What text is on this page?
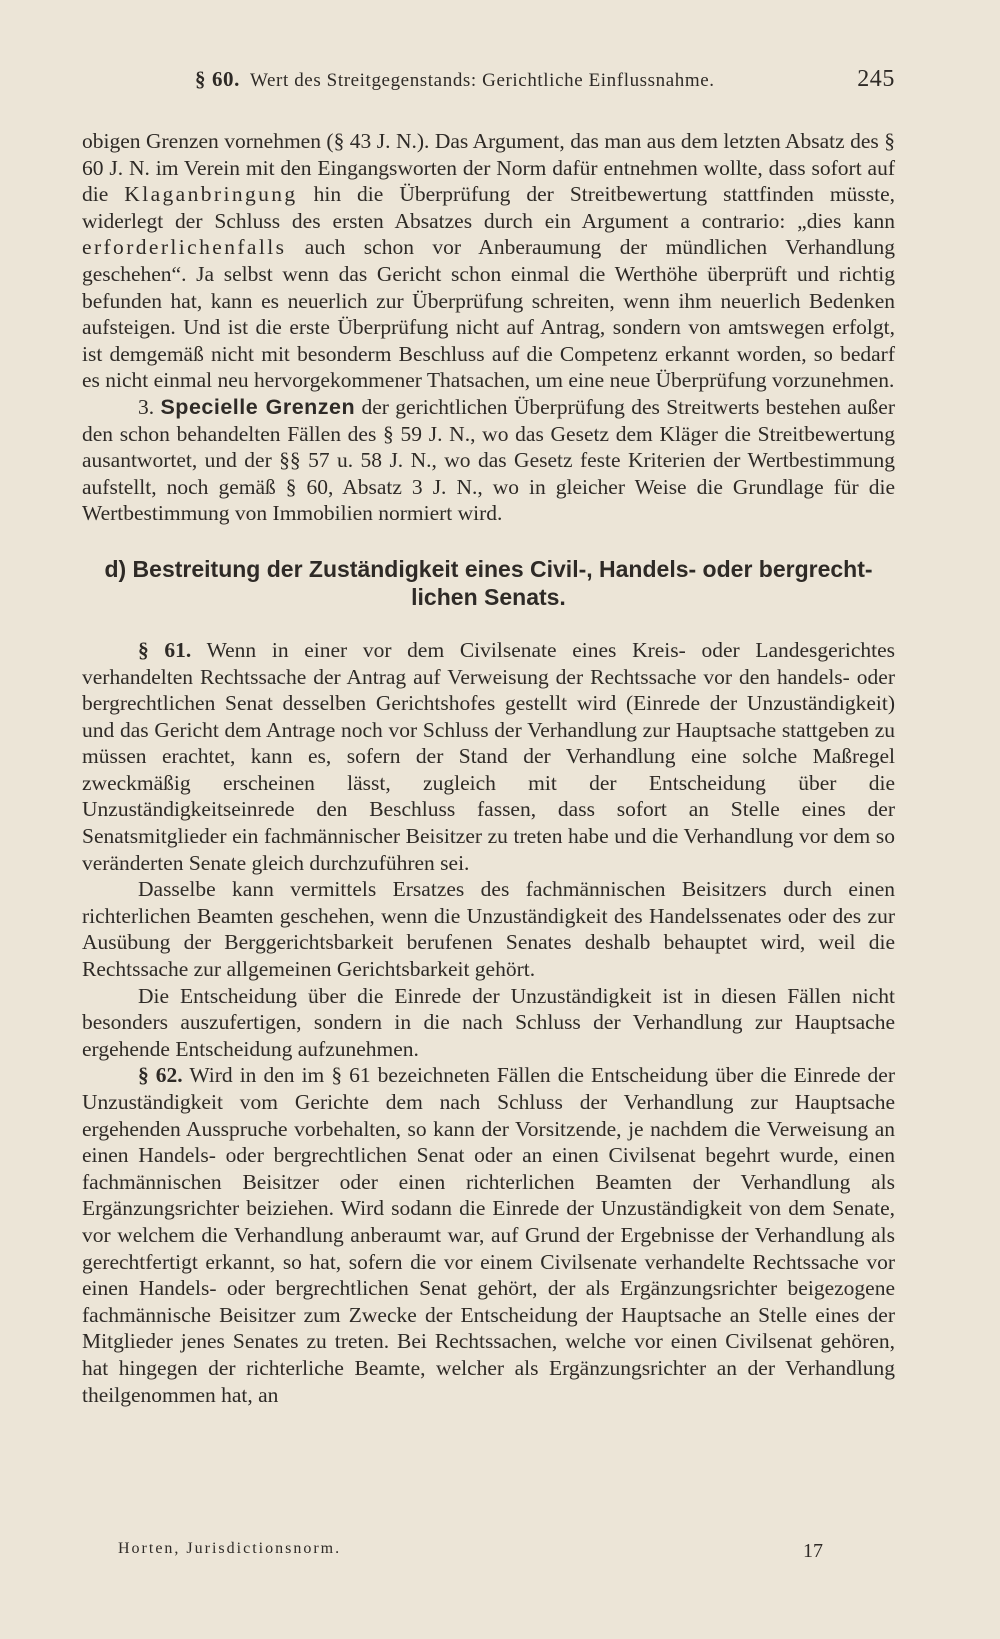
§ 60. Wert des Streitgegenstands: Gerichtliche Einflussnahme.	245

obigen Grenzen vornehmen (§ 43 J. N.). Das Argument, das man aus dem letzten Absatz des § 60 J. N. im Verein mit den Eingangsworten der Norm dafür entnehmen wollte, dass sofort auf die Klaganbringung hin die Überprüfung der Streitbewertung stattfinden müsste, widerlegt der Schluss des ersten Absatzes durch ein Argument a contrario: „dies kann erforderlichenfalls auch schon vor Anberaumung der mündlichen Verhandlung geschehen“. Ja selbst wenn das Gericht schon einmal die Werthöhe überprüft und richtig befunden hat, kann es neuerlich zur Überprüfung schreiten, wenn ihm neuerlich Bedenken aufsteigen. Und ist die erste Überprüfung nicht auf Antrag, sondern von amtswegen erfolgt, ist demgemäß nicht mit besonderm Beschluss auf die Competenz erkannt worden, so bedarf es nicht einmal neu hervorgekommener Thatsachen, um eine neue Überprüfung vorzunehmen.

3. Specielle Grenzen der gerichtlichen Überprüfung des Streitwerts bestehen außer den schon behandelten Fällen des § 59 J. N., wo das Gesetz dem Kläger die Streitbewertung ausantwortet, und der §§ 57 u. 58 J. N., wo das Gesetz feste Kriterien der Wertbestimmung aufstellt, noch gemäß § 60, Absatz 3 J. N., wo in gleicher Weise die Grundlage für die Wertbestimmung von Immobilien normiert wird.

d) Bestreitung der Zuständigkeit eines Civil-, Handels- oder bergrecht-
lichen Senats.

§ 61. Wenn in einer vor dem Civilsenate eines Kreis- oder Landesgerichtes verhandelten Rechtssache der Antrag auf Verweisung der Rechtssache vor den handels- oder bergrechtlichen Senat desselben Gerichtshofes gestellt wird (Einrede der Unzuständigkeit) und das Gericht dem Antrage noch vor Schluss der Verhandlung zur Hauptsache stattgeben zu müssen erachtet, kann es, sofern der Stand der Verhandlung eine solche Maßregel zweckmäßig erscheinen lässt, zugleich mit der Entscheidung über die Unzuständigkeitseinrede den Beschluss fassen, dass sofort an Stelle eines der Senatsmitglieder ein fachmännischer Beisitzer zu treten habe und die Verhandlung vor dem so veränderten Senate gleich durchzuführen sei.

Dasselbe kann vermittels Ersatzes des fachmännischen Beisitzers durch einen richterlichen Beamten geschehen, wenn die Unzuständigkeit des Handelssenates oder des zur Ausübung der Berggerichtsbarkeit berufenen Senates deshalb behauptet wird, weil die Rechtssache zur allgemeinen Gerichtsbarkeit gehört.

Die Entscheidung über die Einrede der Unzuständigkeit ist in diesen Fällen nicht besonders auszufertigen, sondern in die nach Schluss der Verhandlung zur Hauptsache ergehende Entscheidung aufzunehmen.

§ 62. Wird in den im § 61 bezeichneten Fällen die Entscheidung über die Einrede der Unzuständigkeit vom Gerichte dem nach Schluss der Verhandlung zur Hauptsache ergehenden Ausspruche vorbehalten, so kann der Vorsitzende, je nachdem die Verweisung an einen Handels- oder bergrechtlichen Senat oder an einen Civilsenat begehrt wurde, einen fachmännischen Beisitzer oder einen richterlichen Beamten der Verhandlung als Ergänzungsrichter beiziehen. Wird sodann die Einrede der Unzuständigkeit von dem Senate, vor welchem die Verhandlung anberaumt war, auf Grund der Ergebnisse der Verhandlung als gerechtfertigt erkannt, so hat, sofern die vor einem Civilsenate verhandelte Rechtssache vor einen Handels- oder bergrechtlichen Senat gehört, der als Ergänzungsrichter beigezogene fachmännische Beisitzer zum Zwecke der Entscheidung der Hauptsache an Stelle eines der Mitglieder jenes Senates zu treten. Bei Rechtssachen, welche vor einen Civilsenat gehören, hat hingegen der richterliche Beamte, welcher als Ergänzungsrichter an der Verhandlung theilgenommen hat, an

Horten, Jurisdictionsnorm.	17
